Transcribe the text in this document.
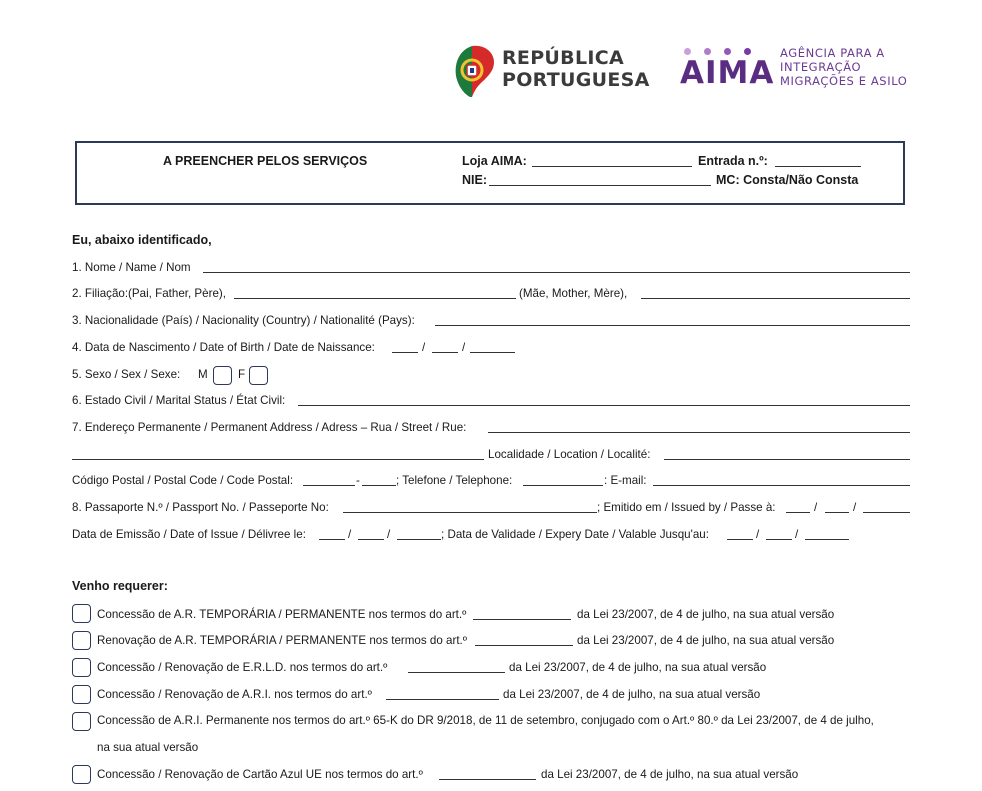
REPÚBLICA
PORTUGUESA AIMA
AGÊNCIA PARA A
INTEGRAÇÃO
MIGRAÇÕES E ASILO
A PREENCHER PELOS SERVIÇOS	Loja AIMA:	Entrada n.º:
NIE:	MC: Consta/Não Consta
Eu, abaixo identificado,
1. Nome / Name / Nom
2. Filiação:(Pai, Father, Père),	(Mãe, Mother, Mère),
3. Nacionalidade (País) / Nacionality (Country) / Nationalité (Pays):
4. Data de Nascimento / Date of Birth / Date de Naissance:	/	/
5. Sexo / Sex / Sexe: M	F
6. Estado Civil / Marital Status / État Civil:
7. Endereço Permanente / Permanent Address / Adress – Rua / Street / Rue:
Localidade / Location / Localité:
Código Postal / Postal Code / Code Postal:	-	; Telefone / Telephone:	: E-mail:
8. Passaporte N.º / Passport No. / Passeporte No:	; Emitido em / Issued by / Passe à:	/	/
Data de Emissão / Date of Issue / Délivree le:	/	/	; Data de Validade / Expery Date / Valable Jusqu'au:	/	/
Venho requerer:
Concessão de A.R. TEMPORÁRIA / PERMANENTE nos termos do art.º	da Lei 23/2007, de 4 de julho, na sua atual versão
Renovação de A.R. TEMPORÁRIA / PERMANENTE nos termos do art.º	da Lei 23/2007, de 4 de julho, na sua atual versão
Concessão / Renovação de E.R.L.D. nos termos do art.º	da Lei 23/2007, de 4 de julho, na sua atual versão
Concessão / Renovação de A.R.I. nos termos do art.º	da Lei 23/2007, de 4 de julho, na sua atual versão
Concessão de A.R.I. Permanente nos termos do art.º 65-K do DR 9/2018, de 11 de setembro, conjugado com o Art.º 80.º da Lei 23/2007, de 4 de julho,
na sua atual versão
Concessão / Renovação de Cartão Azul UE nos termos do art.º	da Lei 23/2007, de 4 de julho, na sua atual versão
